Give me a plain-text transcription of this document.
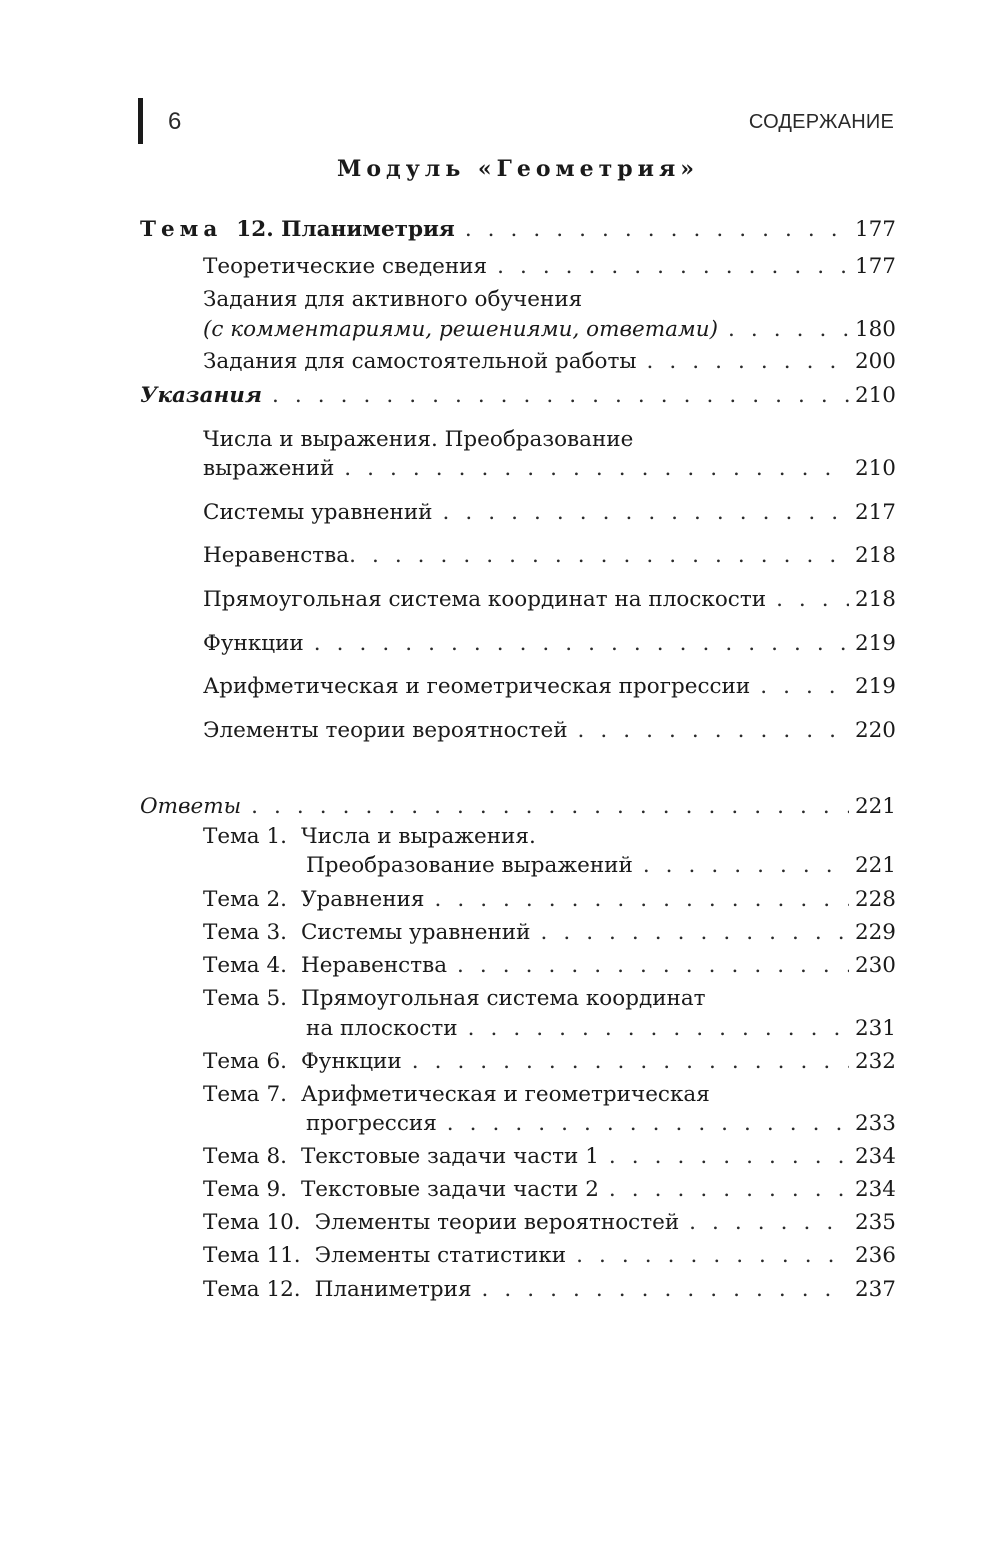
6	СОДЕРЖАНИЕ
Модуль «Геометрия»
Тема 12. Планиметрия . . .	177
Теоретические сведения . . .	177
Задания для активного обучения
(с комментариями, решениями, ответами) . . .	180
Задания для самостоятельной работы . . .	200
Указания . . .	210
Числа и выражения. Преобразование
выражений . . .	210
Системы уравнений . . .	217
Неравенства . . .	218
Прямоугольная система координат на плоскости . . .	218
Функции . . .	219
Арифметическая и геометрическая прогрессии . . .	219
Элементы теории вероятностей . . .	220
Ответы . . .	221
Тема 1. Числа и выражения.
Преобразование выражений . . .	221
Тема 2. Уравнения . . .	228
Тема 3. Системы уравнений . . .	229
Тема 4. Неравенства . . .	230
Тема 5. Прямоугольная система координат
на плоскости . . .	231
Тема 6. Функции . . .	232
Тема 7. Арифметическая и геометрическая
прогрессия . . .	233
Тема 8. Текстовые задачи части 1 . . .	234
Тема 9. Текстовые задачи части 2 . . .	234
Тема 10. Элементы теории вероятностей . . .	235
Тема 11. Элементы статистики . . .	236
Тема 12. Планиметрия . . .	237
